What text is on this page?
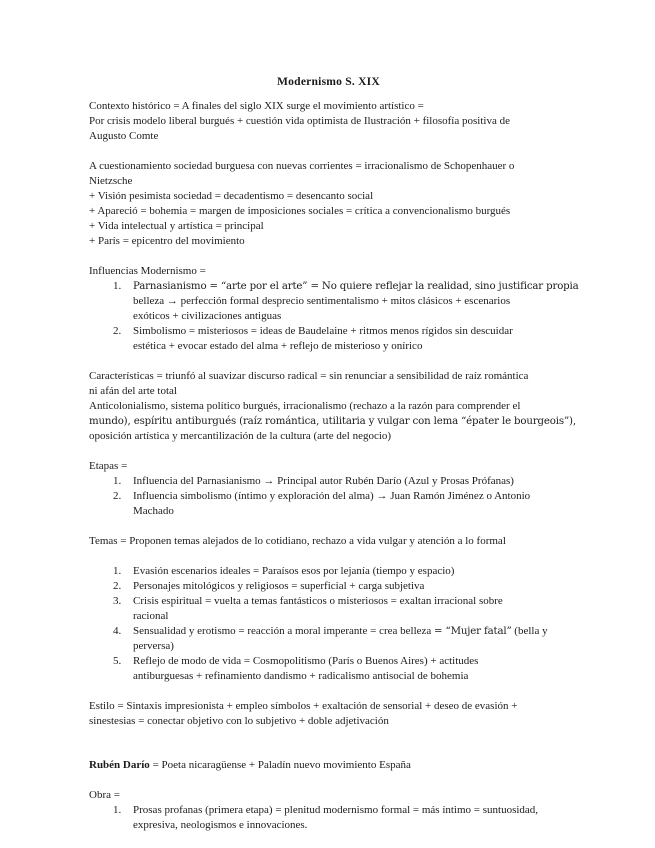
Modernismo S. XIX
Contexto histórico = A finales del siglo XIX surge el movimiento artístico =
Por crisis modelo liberal burgués + cuestión vida optimista de Ilustración + filosofía positiva de
Augusto Comte
A cuestionamiento sociedad burguesa con nuevas corrientes = irracionalismo de Schopenhauer o
Nietzsche
+ Visión pesimista sociedad = decadentismo = desencanto social
+ Apareció = bohemia = margen de imposiciones sociales = crítica a convencionalismo burgués
+ Vida intelectual y artística = principal
+ París = epicentro del movimiento
Influencias Modernismo =
1.	Parnasianismo = “arte por el arte” = No quiere reflejar la realidad, sino justificar propia
belleza → perfección formal desprecio sentimentalismo + mitos clásicos + escenarios
exóticos + civilizaciones antiguas
2.	Simbolismo = misteriosos = ideas de Baudelaine + ritmos menos rígidos sin descuidar
estética + evocar estado del alma + reflejo de misterioso y onírico
Características = triunfó al suavizar discurso radical = sin renunciar a sensibilidad de raíz romántica
ni afán del arte total
Anticolonialismo, sistema político burgués, irracionalismo (rechazo a la razón para comprender el
mundo), espíritu antiburgués (raíz romántica, utilitaria y vulgar con lema “épater le bourgeois”),
oposición artística y mercantilización de la cultura (arte del negocio)
Etapas =
1.	Influencia del Parnasianismo → Principal autor Rubén Darío (Azul y Prosas Prófanas)
2.	Influencia simbolismo (íntimo y exploración del alma) → Juan Ramón Jiménez o Antonio
Machado
Temas = Proponen temas alejados de lo cotidiano, rechazo a vida vulgar y atención a lo formal
1.	Evasión escenarios ideales = Paraísos esos por lejanía (tiempo y espacio)
2.	Personajes mitológicos y religiosos = superficial + carga subjetiva
3.	Crisis espiritual = vuelta a temas fantásticos o misteriosos = exaltan irracional sobre
racional
4.	Sensualidad y erotismo = reacción a moral imperante = crea belleza = “Mujer fatal” (bella y
perversa)
5.	Reflejo de modo de vida = Cosmopolitismo (París o Buenos Aires) + actitudes
antiburguesas + refinamiento dandismo + radicalismo antisocial de bohemia
Estilo = Sintaxis impresionista + empleo símbolos + exaltación de sensorial + deseo de evasión +
sinestesias = conectar objetivo con lo subjetivo + doble adjetivación
Rubén Darío = Poeta nicaragüense + Paladín nuevo movimiento España
Obra =
1.	Prosas profanas (primera etapa) = plenitud modernismo formal = más íntimo = suntuosidad,
expresiva, neologismos e innovaciones.
